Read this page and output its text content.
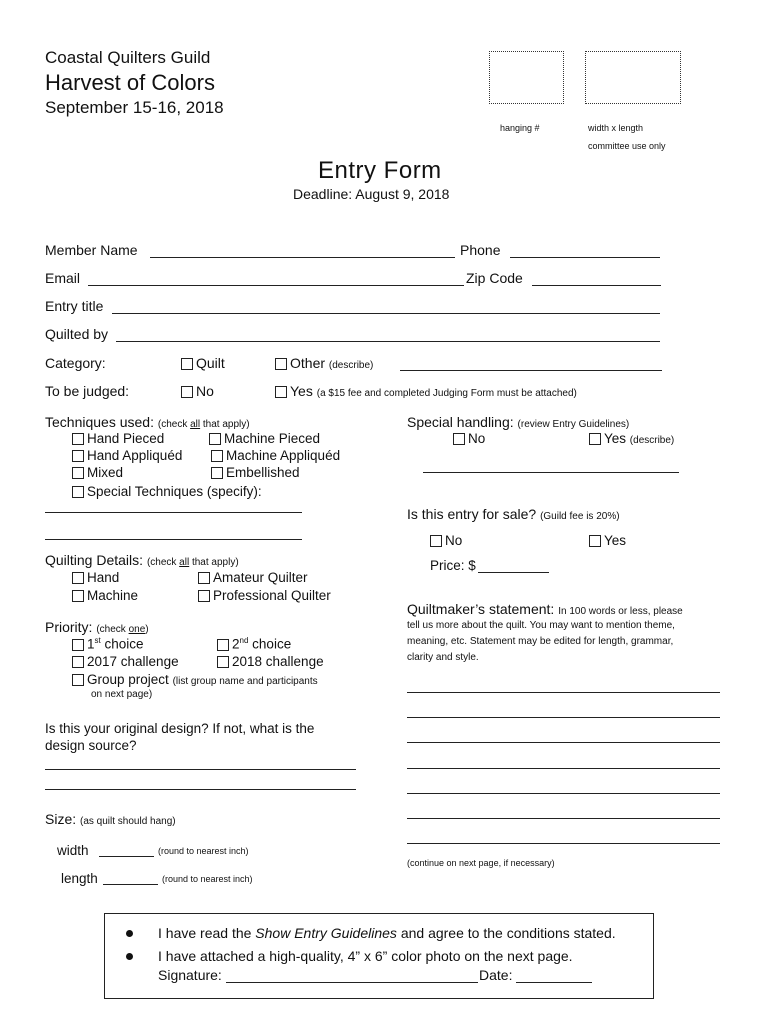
Coastal Quilters Guild
Harvest of Colors
September 15-16, 2018
hanging #	width x length
committee use only
Entry Form
Deadline: August 9, 2018
Member Name	Phone
Email	Zip Code
Entry title
Quilted by
Category:	Quilt	Other (describe)
To be judged:	No	Yes (a $15 fee and completed Judging Form must be attached)
Techniques used: (check all that apply)
Hand Pieced	Machine Pieced
Hand Appliquéd	Machine Appliquéd
Mixed	Embellished
Special Techniques (specify):
Quilting Details: (check all that apply)
Hand	Amateur Quilter
Machine	Professional Quilter
Priority: (check one)
1st choice	2nd choice
2017 challenge	2018 challenge
Group project (list group name and participants
on next page)
Is this your original design? If not, what is the
design source?
Size: (as quilt should hang)
width	(round to nearest inch)
length	(round to nearest inch)
Special handling: (review Entry Guidelines)
No	Yes (describe)
Is this entry for sale? (Guild fee is 20%)
No	Yes
Price: $
Quiltmaker’s statement: In 100 words or less, please
tell us more about the quilt. You may want to mention theme,
meaning, etc. Statement may be edited for length, grammar,
clarity and style.
(continue on next page, if necessary)
I have read the Show Entry Guidelines and agree to the conditions stated.
I have attached a high-quality, 4” x 6” color photo on the next page.
Signature:	Date:
